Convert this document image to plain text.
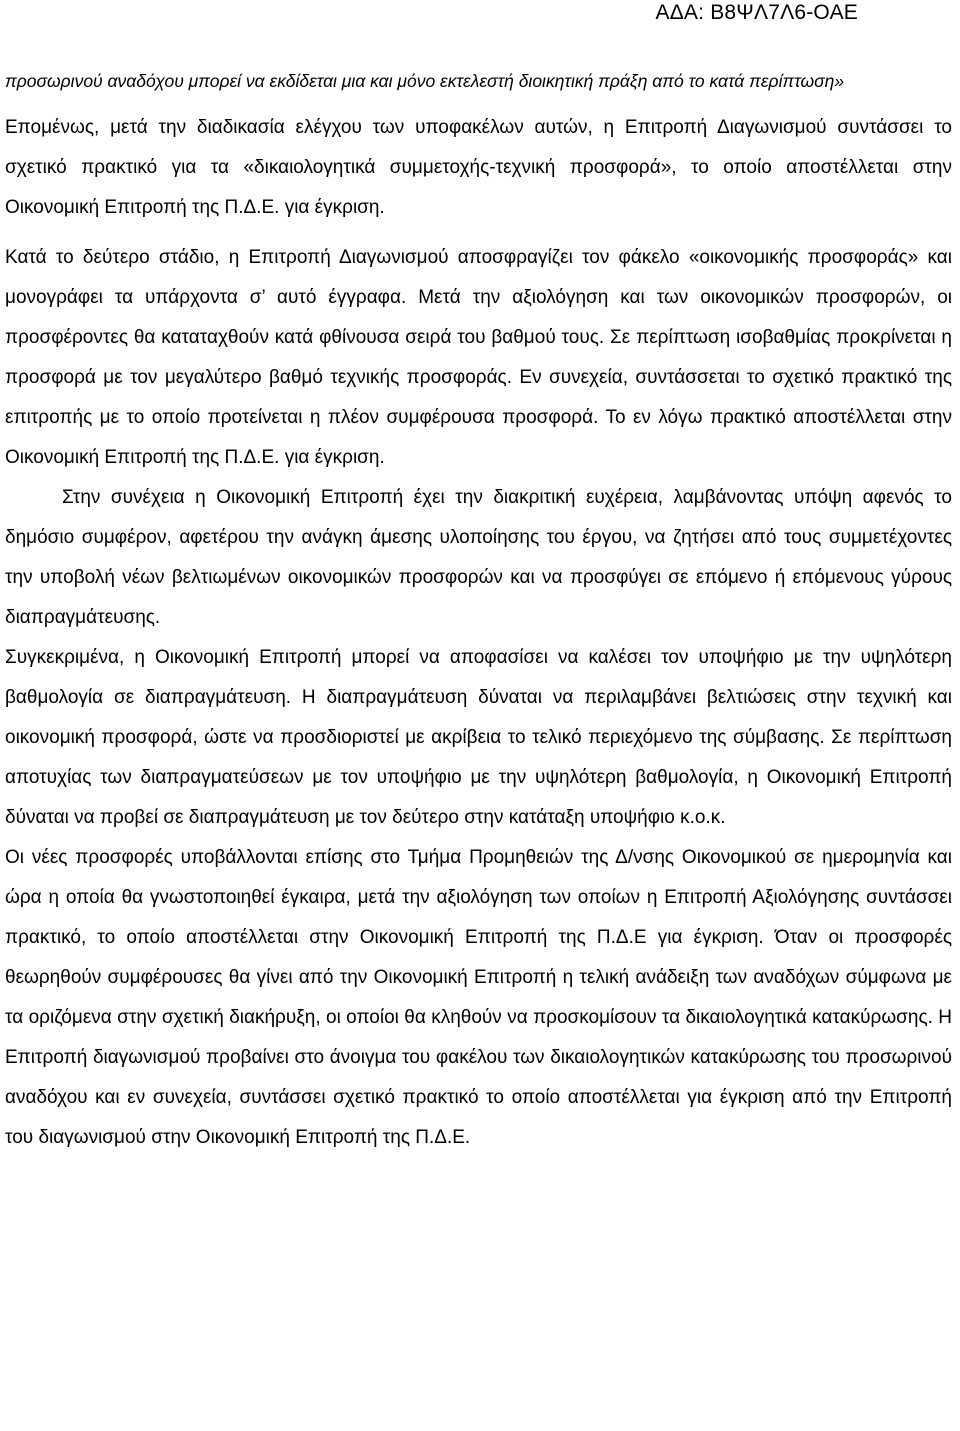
ΑΔΑ: Β8ΨΛ7Λ6-ΟΑΕ

προσωρινού αναδόχου μπορεί να εκδίδεται μια και μόνο εκτελεστή διοικητική πράξη από το κατά περίπτωση»

Επομένως, μετά την διαδικασία ελέγχου των υποφακέλων αυτών, η Επιτροπή Διαγωνισμού συντάσσει το σχετικό πρακτικό για τα «δικαιολογητικά συμμετοχής-τεχνική προσφορά», το οποίο αποστέλλεται στην Οικονομική Επιτροπή της Π.Δ.Ε. για έγκριση.

Κατά το δεύτερο στάδιο, η Επιτροπή Διαγωνισμού αποσφραγίζει τον φάκελο «οικονομικής προσφοράς» και μονογράφει τα υπάρχοντα σ’ αυτό έγγραφα. Μετά την αξιολόγηση και των οικονομικών προσφορών, οι προσφέροντες θα καταταχθούν κατά φθίνουσα σειρά του βαθμού τους. Σε περίπτωση ισοβαθμίας προκρίνεται η προσφορά με τον μεγαλύτερο βαθμό τεχνικής προσφοράς. Εν συνεχεία, συντάσσεται το σχετικό πρακτικό της επιτροπής με το οποίο προτείνεται η πλέον συμφέρουσα προσφορά. Το εν λόγω πρακτικό αποστέλλεται στην Οικονομική Επιτροπή της Π.Δ.Ε. για έγκριση.

Στην συνέχεια η Οικονομική Επιτροπή έχει την διακριτική ευχέρεια, λαμβάνοντας υπόψη αφενός το δημόσιο συμφέρον, αφετέρου την ανάγκη άμεσης υλοποίησης του έργου, να ζητήσει από τους συμμετέχοντες την υποβολή νέων βελτιωμένων οικονομικών προσφορών και να προσφύγει σε επόμενο ή επόμενους γύρους διαπραγμάτευσης.

Συγκεκριμένα, η Οικονομική Επιτροπή μπορεί να αποφασίσει να καλέσει τον υποψήφιο με την υψηλότερη βαθμολογία σε διαπραγμάτευση. Η διαπραγμάτευση δύναται να περιλαμβάνει βελτιώσεις στην τεχνική και οικονομική προσφορά, ώστε να προσδιοριστεί με ακρίβεια το τελικό περιεχόμενο της σύμβασης. Σε περίπτωση αποτυχίας των διαπραγματεύσεων με τον υποψήφιο με την υψηλότερη βαθμολογία, η Οικονομική Επιτροπή δύναται να προβεί σε διαπραγμάτευση με τον δεύτερο στην κατάταξη υποψήφιο κ.ο.κ.

Οι νέες προσφορές υποβάλλονται επίσης στο Τμήμα Προμηθειών της Δ/νσης Οικονομικού σε ημερομηνία και ώρα η οποία θα γνωστοποιηθεί έγκαιρα, μετά την αξιολόγηση των οποίων η Επιτροπή Αξιολόγησης συντάσσει πρακτικό, το οποίο αποστέλλεται στην Οικονομική Επιτροπή της Π.Δ.Ε για έγκριση. Όταν οι προσφορές θεωρηθούν συμφέρουσες θα γίνει από την Οικονομική Επιτροπή η τελική ανάδειξη των αναδόχων σύμφωνα με τα οριζόμενα στην σχετική διακήρυξη, οι οποίοι θα κληθούν να προσκομίσουν τα δικαιολογητικά κατακύρωσης. Η Επιτροπή διαγωνισμού προβαίνει στο άνοιγμα του φακέλου των δικαιολογητικών κατακύρωσης του προσωρινού αναδόχου και εν συνεχεία, συντάσσει σχετικό πρακτικό το οποίο αποστέλλεται για έγκριση από την Επιτροπή του διαγωνισμού στην Οικονομική Επιτροπή της Π.Δ.Ε.
